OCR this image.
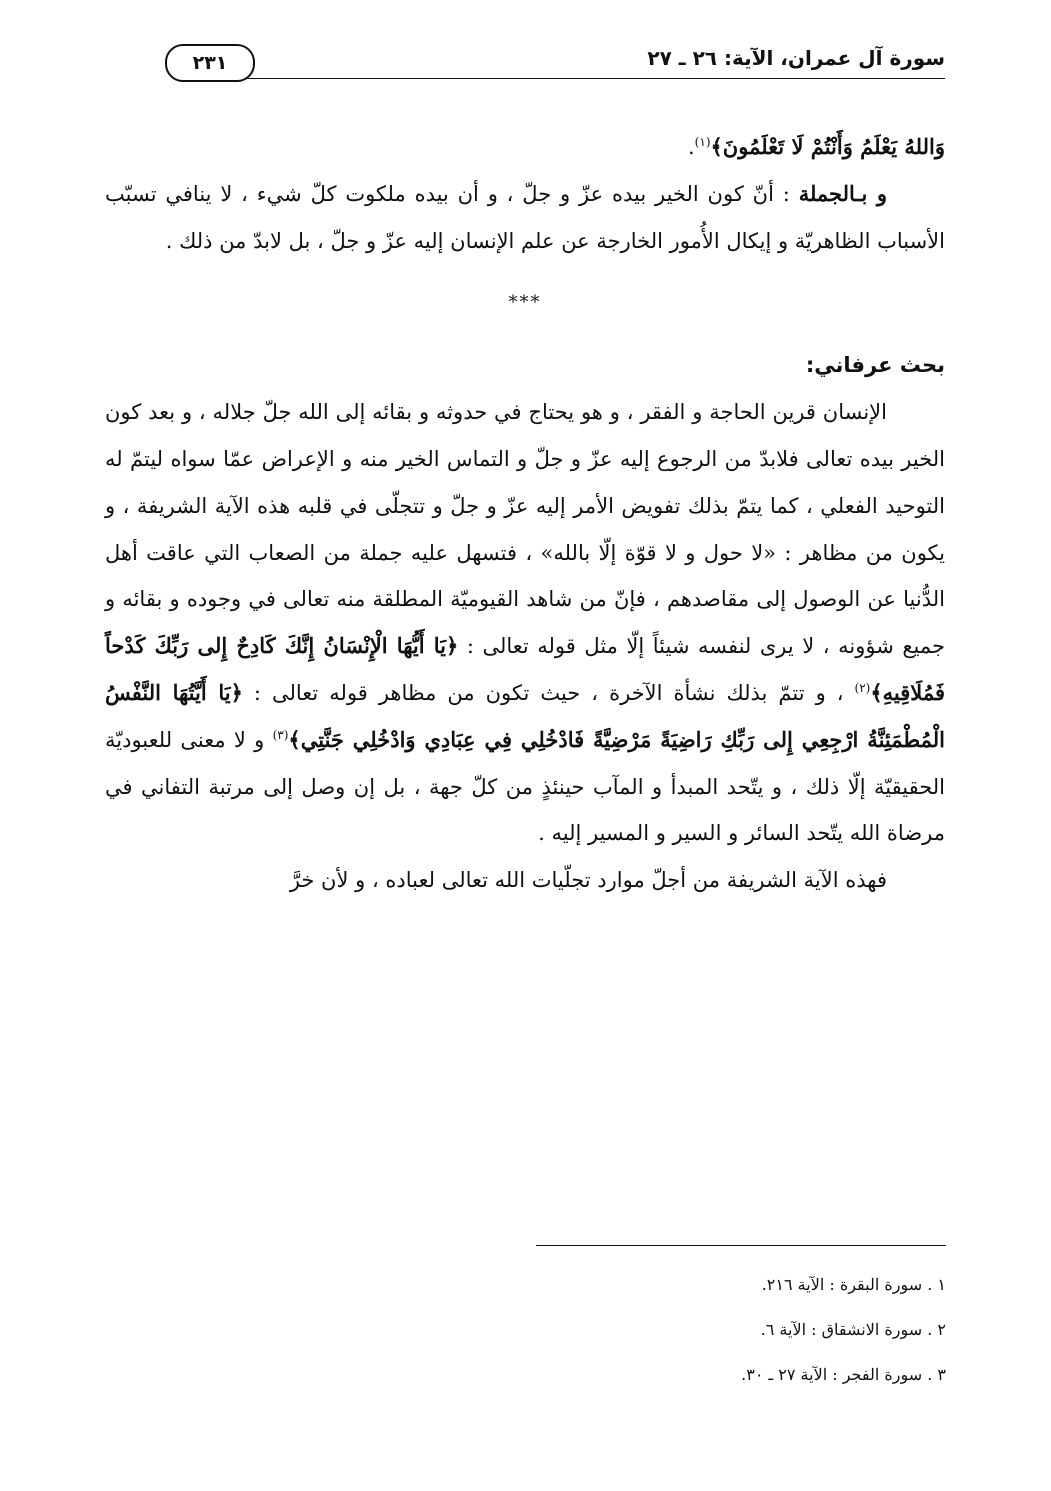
سورة آل عمران، الآية: ٢٦ ـ ٢٧
٢٣١

وَاللهُ يَعْلَمُ وَأَنْتُمْ لَا تَعْلَمُونَ﴾$^{(١)}$.

و بـالجملة : أنّ كون الخير بيده عزّ و جلّ ، و أن بيده ملكوت كلّ شيء ، لا ينافي تسبّب الأسباب الظاهريّة و إيكال الأُمور الخارجة عن علم الإنسان إليه عزّ و جلّ ، بل لابدّ من ذلك .

***
بحث عرفاني:

الإنسان قرين الحاجة و الفقر ، و هو يحتاج في حدوثه و بقائه إلى الله جلّ جلاله ، و بعد كون الخير بيده تعالى فلابدّ من الرجوع إليه عزّ و جلّ و التماس الخير منه و الإعراض عمّا سواه ليتمّ له التوحيد الفعلي ، كما يتمّ بذلك تفويض الأمر إليه عزّ و جلّ و تتجلّى في قلبه هذه الآية الشريفة ، و يكون من مظاهر : «لا حول و لا قوّة إلّا بالله» ، فتسهل عليه جملة من الصعاب التي عاقت أهل الدُّنيا عن الوصول إلى مقاصدهم ، فإنّ من شاهد القيوميّة المطلقة منه تعالى في وجوده و بقائه و جميع شؤونه ، لا يرى لنفسه شيئاً إلّا مثل قوله تعالى : ﴿يَا أَيُّهَا الْإِنْسَانُ إِنَّكَ كَادِحٌ إِلى رَبِّكَ كَدْحاً فَمُلَاقِيهِ﴾$^{(٢)}$ ، و تتمّ بذلك نشأة الآخرة ، حيث تكون من مظاهر قوله تعالى : ﴿يَا أَيَّتُهَا النَّفْسُ الْمُطْمَئِنَّةُ ارْجِعِي إِلى رَبِّكِ رَاضِيَةً مَرْضِيَّةً فَادْخُلِي فِي عِبَادِي وَادْخُلِي جَنَّتِي﴾$^{(٣)}$ و لا معنى للعبوديّة الحقيقيّة إلّا ذلك ، و يتّحد المبدأ و المآب حينئذٍ من كلّ جهة ، بل إن وصل إلى مرتبة التفاني في مرضاة الله يتّحد السائر و السير و المسير إليه .

فهذه الآية الشريفة من أجلّ موارد تجلّيات الله تعالى لعباده ، و لأن خرَّ

١ . سورة البقرة : الآية ٢١٦.
٢ . سورة الانشقاق : الآية ٦.
٣ . سورة الفجر : الآية ٢٧ ـ ٣٠.
